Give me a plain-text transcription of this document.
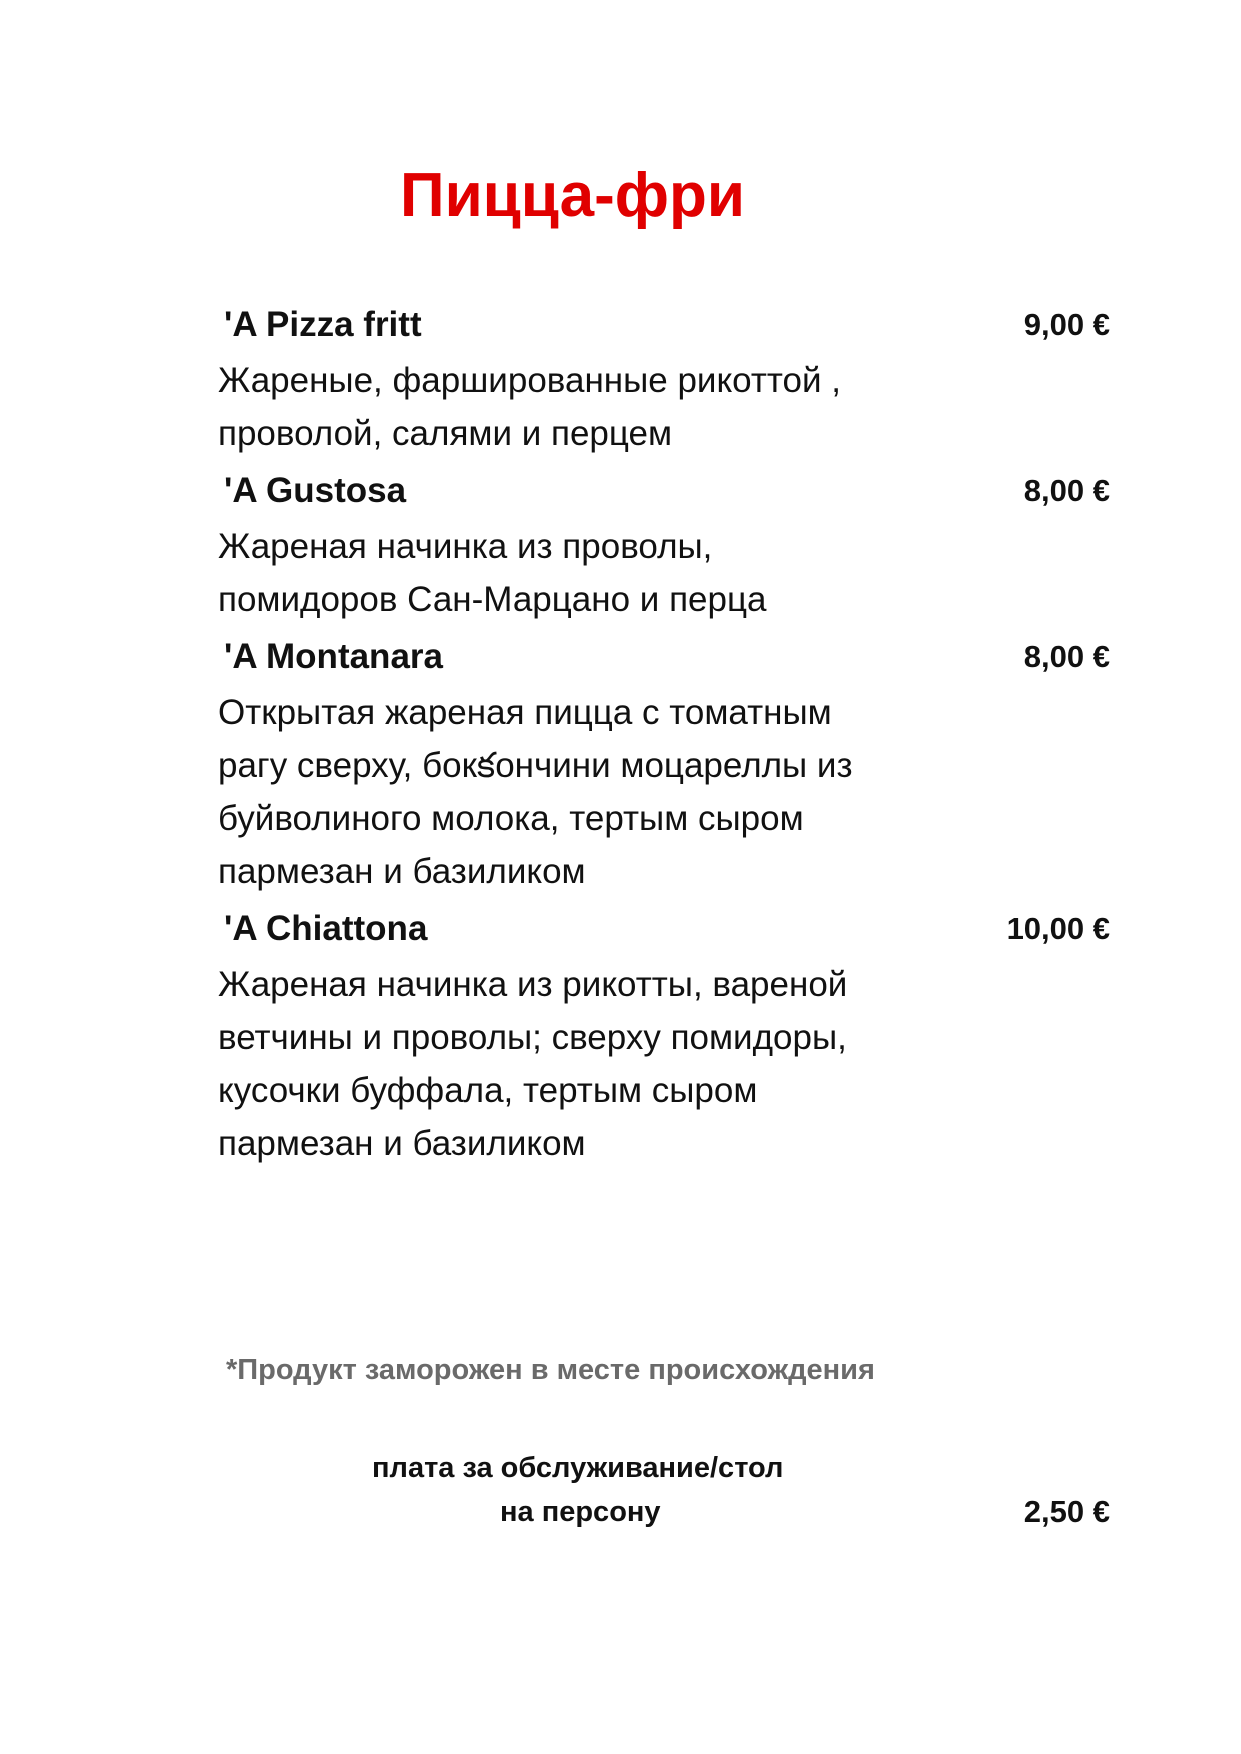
Пицца-фри
'A Pizza fritt	9,00 €
Жареные, фаршированные рикоттой ,
проволой, салями и перцем
'A Gustosa	8,00 €
Жареная начинка из проволы,
помидоров Сан-Марцано и перца
'A Montanara	8,00 €
Открытая жареная пицца с томатным
рагу сверху, бокకончини моцареллы из
буйволиного молока, тертым сыром
пармезан и базиликом
'A Chiattona	10,00 €
Жареная начинка из рикотты, вареной
ветчины и проволы; сверху помидоры,
кусочки буффала, тертым сыром
пармезан и базиликом
*Продукт заморожен в месте происхождения
плата за обслуживание/стол
на персону	2,50 €
